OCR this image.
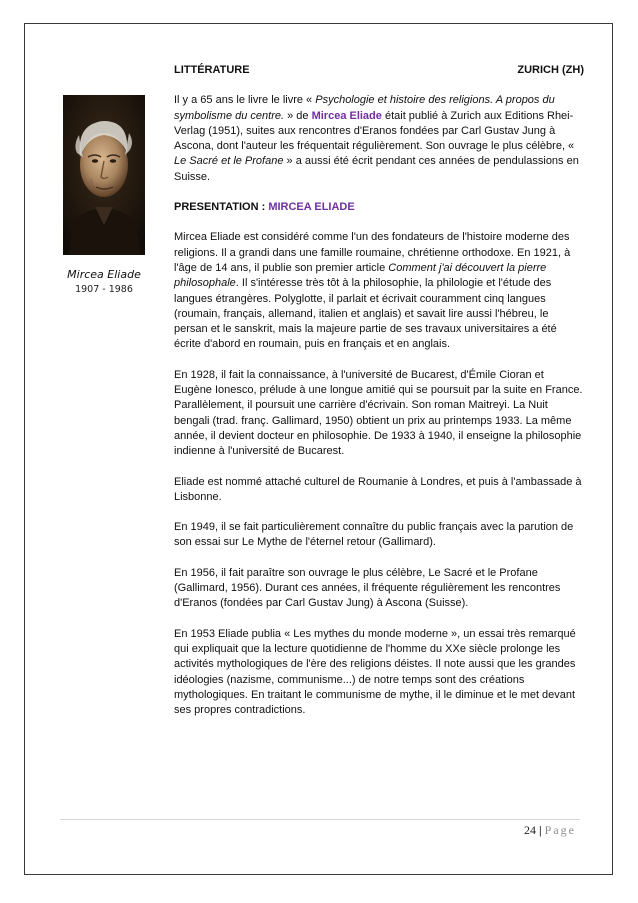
Mircea Eliade
1907 - 1986
LITTÉRATURE	ZURICH (ZH)

Il y a 65 ans le livre le livre « Psychologie et histoire des religions. A propos du symbolisme du centre. » de Mircea Eliade était publié à Zurich aux Editions Rhei-Verlag (1951), suites aux rencontres d'Eranos fondées par Carl Gustav Jung à Ascona, dont l'auteur les fréquentait régulièrement. Son ouvrage le plus célèbre, « Le Sacré et le Profane » a aussi été écrit pendant ces années de pendulassions en Suisse.

PRESENTATION : MIRCEA ELIADE

Mircea Eliade est considéré comme l'un des fondateurs de l'histoire moderne des religions. Il a grandi dans une famille roumaine, chrétienne orthodoxe. En 1921, à l'âge de 14 ans, il publie son premier article Comment j'ai découvert la pierre philosophale. Il s'intéresse très tôt à la philosophie, la philologie et l'étude des langues étrangères. Polyglotte, il parlait et écrivait couramment cinq langues (roumain, français, allemand, italien et anglais) et savait lire aussi l'hébreu, le persan et le sanskrit, mais la majeure partie de ses travaux universitaires a été écrite d'abord en roumain, puis en français et en anglais.

En 1928, il fait la connaissance, à l'université de Bucarest, d'Émile Cioran et Eugène Ionesco, prélude à une longue amitié qui se poursuit par la suite en France. Parallèlement, il poursuit une carrière d'écrivain. Son roman Maitreyi. La Nuit bengali (trad. franç. Gallimard, 1950) obtient un prix au printemps 1933. La même année, il devient docteur en philosophie. De 1933 à 1940, il enseigne la philosophie indienne à l'université de Bucarest.

Eliade est nommé attaché culturel de Roumanie à Londres, et puis à l'ambassade à Lisbonne.

En 1949, il se fait particulièrement connaître du public français avec la parution de son essai sur Le Mythe de l'éternel retour (Gallimard).

En 1956, il fait paraître son ouvrage le plus célèbre, Le Sacré et le Profane (Gallimard, 1956). Durant ces années, il fréquente régulièrement les rencontres d'Eranos (fondées par Carl Gustav Jung) à Ascona (Suisse).

En 1953 Eliade publia « Les mythes du monde moderne », un essai très remarqué qui expliquait que la lecture quotidienne de l'homme du XXe siècle prolonge les activités mythologiques de l'ère des religions déistes. Il note aussi que les grandes idéologies (nazisme, communisme...) de notre temps sont des créations mythologiques. En traitant le communisme de mythe, il le diminue et le met devant ses propres contradictions.

24 | Page
